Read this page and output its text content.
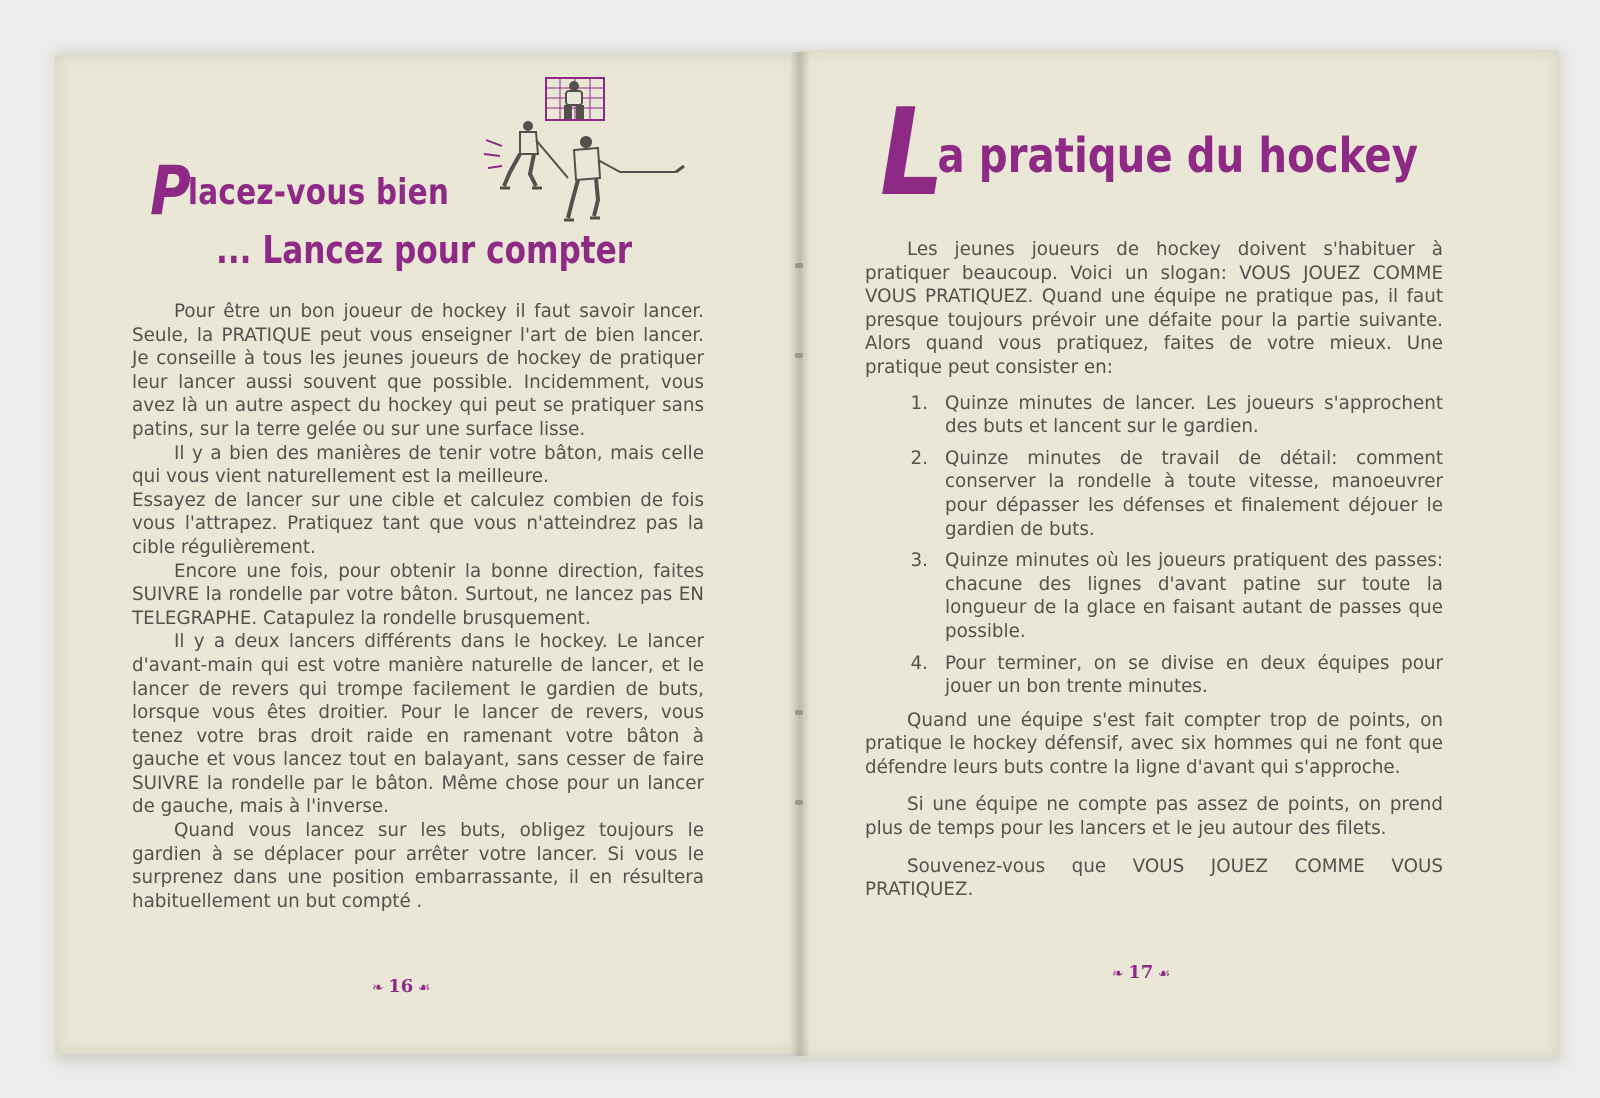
Placez-vous bien
... Lancez pour compter

Pour être un bon joueur de hockey il faut savoir lancer. Seule, la PRATIQUE peut vous enseigner l'art de bien lancer. Je conseille à tous les jeunes joueurs de hockey de pratiquer leur lancer aussi souvent que possible. Incidemment, vous avez là un autre aspect du hockey qui peut se pratiquer sans patins, sur la terre gelée ou sur une surface lisse.

Il y a bien des manières de tenir votre bâton, mais celle qui vous vient naturellement est la meilleure.

Essayez de lancer sur une cible et calculez combien de fois vous l'attrapez. Pratiquez tant que vous n'atteindrez pas la cible régulièrement.

Encore une fois, pour obtenir la bonne direction, faites SUIVRE la rondelle par votre bâton. Surtout, ne lancez pas EN TELEGRAPHE. Catapulez la rondelle brusquement.

Il y a deux lancers différents dans le hockey. Le lancer d'avant-main qui est votre manière naturelle de lancer, et le lancer de revers qui trompe facilement le gardien de buts, lorsque vous êtes droitier. Pour le lancer de revers, vous tenez votre bras droit raide en ramenant votre bâton à gauche et vous lancez tout en balayant, sans cesser de faire SUIVRE la rondelle par le bâton. Même chose pour un lancer de gauche, mais à l'inverse.

Quand vous lancez sur les buts, obligez toujours le gardien à se déplacer pour arrêter votre lancer. Si vous le surprenez dans une position embarrassante, il en résultera habituellement un but compté .

❧ 16 ☙
La pratique du hockey

Les jeunes joueurs de hockey doivent s'habituer à pratiquer beaucoup. Voici un slogan: VOUS JOUEZ COMME VOUS PRATIQUEZ. Quand une équipe ne pratique pas, il faut presque toujours prévoir une défaite pour la partie suivante. Alors quand vous pratiquez, faites de votre mieux. Une pratique peut consister en:

1. Quinze minutes de lancer. Les joueurs s'approchent des buts et lancent sur le gardien.
2. Quinze minutes de travail de détail: comment conserver la rondelle à toute vitesse, manoeuvrer pour dépasser les défenses et finalement déjouer le gardien de buts.
3. Quinze minutes où les joueurs pratiquent des passes: chacune des lignes d'avant patine sur toute la longueur de la glace en faisant autant de passes que possible.
4. Pour terminer, on se divise en deux équipes pour jouer un bon trente minutes.

Quand une équipe s'est fait compter trop de points, on pratique le hockey défensif, avec six hommes qui ne font que défendre leurs buts contre la ligne d'avant qui s'approche.

Si une équipe ne compte pas assez de points, on prend plus de temps pour les lancers et le jeu autour des filets.

Souvenez-vous que VOUS JOUEZ COMME VOUS PRATIQUEZ.

❧ 17 ☙
